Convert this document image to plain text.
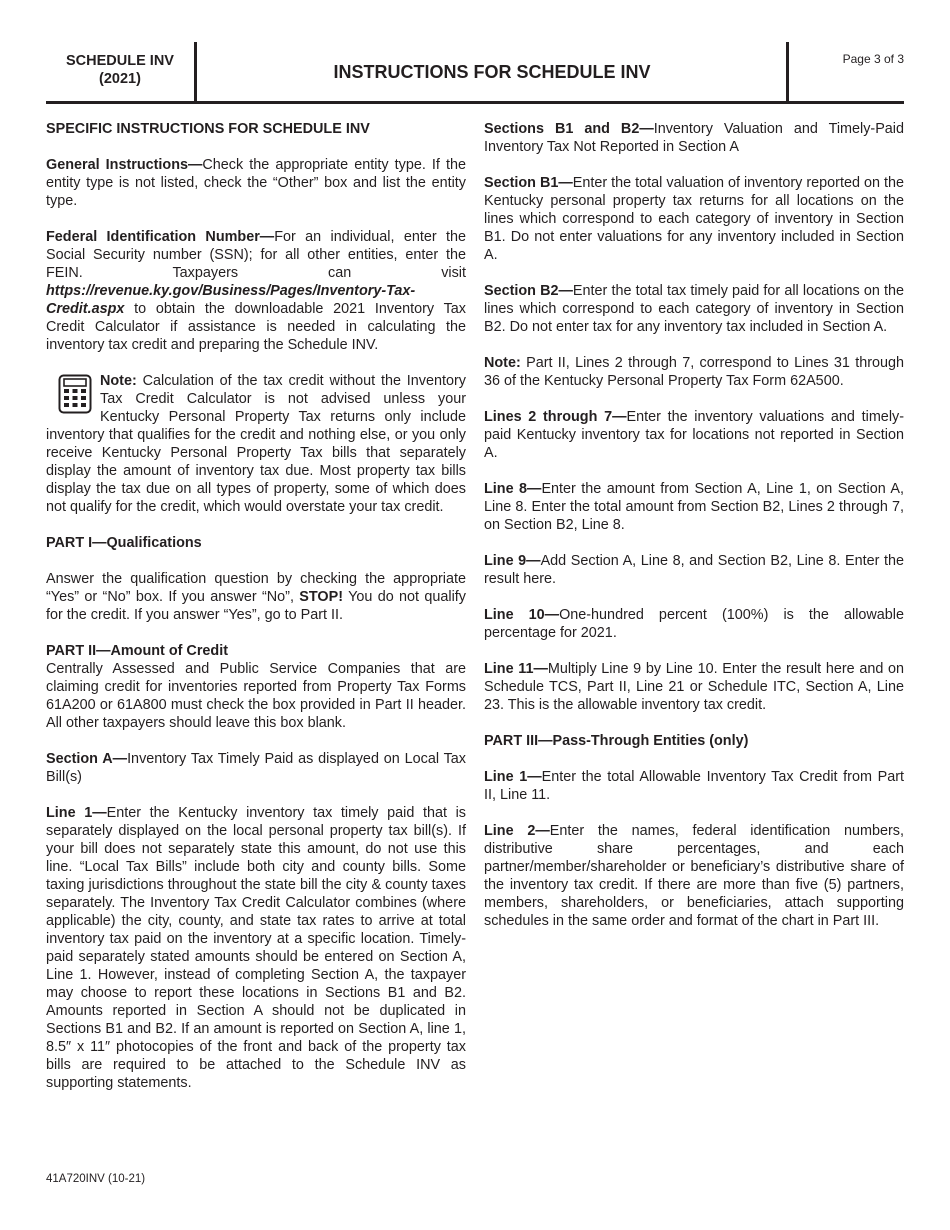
SCHEDULE INV
(2021)	INSTRUCTIONS FOR SCHEDULE INV
Page 3 of 3
SPECIFIC INSTRUCTIONS FOR SCHEDULE INV

General Instructions—Check the appropriate entity type. If the entity type is not listed, check the “Other” box and list the entity type.

Federal Identification Number—For an individual, enter the Social Security number (SSN); for all other entities, enter the FEIN. Taxpayers can visit https://revenue.ky.gov/Business/Pages/Inventory-Tax-Credit.aspx to obtain the downloadable 2021 Inventory Tax Credit Calculator if assistance is needed in calculating the inventory tax credit and preparing the Schedule INV.

Note: Calculation of the tax credit without the Inventory Tax Credit Calculator is not advised unless your Kentucky Personal Property Tax returns only include inventory that qualifies for the credit and nothing else, or you only receive Kentucky Personal Property Tax bills that separately display the amount of inventory tax due. Most property tax bills display the tax due on all types of property, some of which does not qualify for the credit, which would overstate your tax credit.

PART I—Qualifications

Answer the qualification question by checking the appropriate “Yes” or “No” box. If you answer “No”, STOP! You do not qualify for the credit. If you answer “Yes”, go to Part II.

PART II—Amount of Credit

Centrally Assessed and Public Service Companies that are claiming credit for inventories reported from Property Tax Forms 61A200 or 61A800 must check the box provided in Part II header. All other taxpayers should leave this box blank.

Section A—Inventory Tax Timely Paid as displayed on Local Tax Bill(s)

Line 1—Enter the Kentucky inventory tax timely paid that is separately displayed on the local personal property tax bill(s). If your bill does not separately state this amount, do not use this line. “Local Tax Bills” include both city and county bills. Some taxing jurisdictions throughout the state bill the city & county taxes separately. The Inventory Tax Credit Calculator combines (where applicable) the city, county, and state tax rates to arrive at total inventory tax paid on the inventory at a specific location. Timely-paid separately stated amounts should be entered on Section A, Line 1. However, instead of completing Section A, the taxpayer may choose to report these locations in Sections B1 and B2. Amounts reported in Section A should not be duplicated in Sections B1 and B2. If an amount is reported on Section A, line 1, 8.5″ x 11″ photocopies of the front and back of the property tax bills are required to be attached to the Schedule INV as supporting statements.

Sections B1 and B2—Inventory Valuation and Timely-Paid Inventory Tax Not Reported in Section A

Section B1—Enter the total valuation of inventory reported on the Kentucky personal property tax returns for all locations on the lines which correspond to each category of inventory in Section B1. Do not enter valuations for any inventory included in Section A.

Section B2—Enter the total tax timely paid for all locations on the lines which correspond to each category of inventory in Section B2. Do not enter tax for any inventory tax included in Section A.

Note: Part II, Lines 2 through 7, correspond to Lines 31 through 36 of the Kentucky Personal Property Tax Form 62A500.

Lines 2 through 7—Enter the inventory valuations and timely-paid Kentucky inventory tax for locations not reported in Section A.

Line 8—Enter the amount from Section A, Line 1, on Section A, Line 8. Enter the total amount from Section B2, Lines 2 through 7, on Section B2, Line 8.

Line 9—Add Section A, Line 8, and Section B2, Line 8. Enter the result here.

Line 10—One-hundred percent (100%) is the allowable percentage for 2021.

Line 11—Multiply Line 9 by Line 10. Enter the result here and on Schedule TCS, Part II, Line 21 or Schedule ITC, Section A, Line 23. This is the allowable inventory tax credit.

PART III—Pass-Through Entities (only)

Line 1—Enter the total Allowable Inventory Tax Credit from Part II, Line 11.

Line 2—Enter the names, federal identification numbers, distributive share percentages, and each partner/member/shareholder or beneficiary’s distributive share of the inventory tax credit. If there are more than five (5) partners, members, shareholders, or beneficiaries, attach supporting schedules in the same order and format of the chart in Part III.

41A720INV (10-21)
